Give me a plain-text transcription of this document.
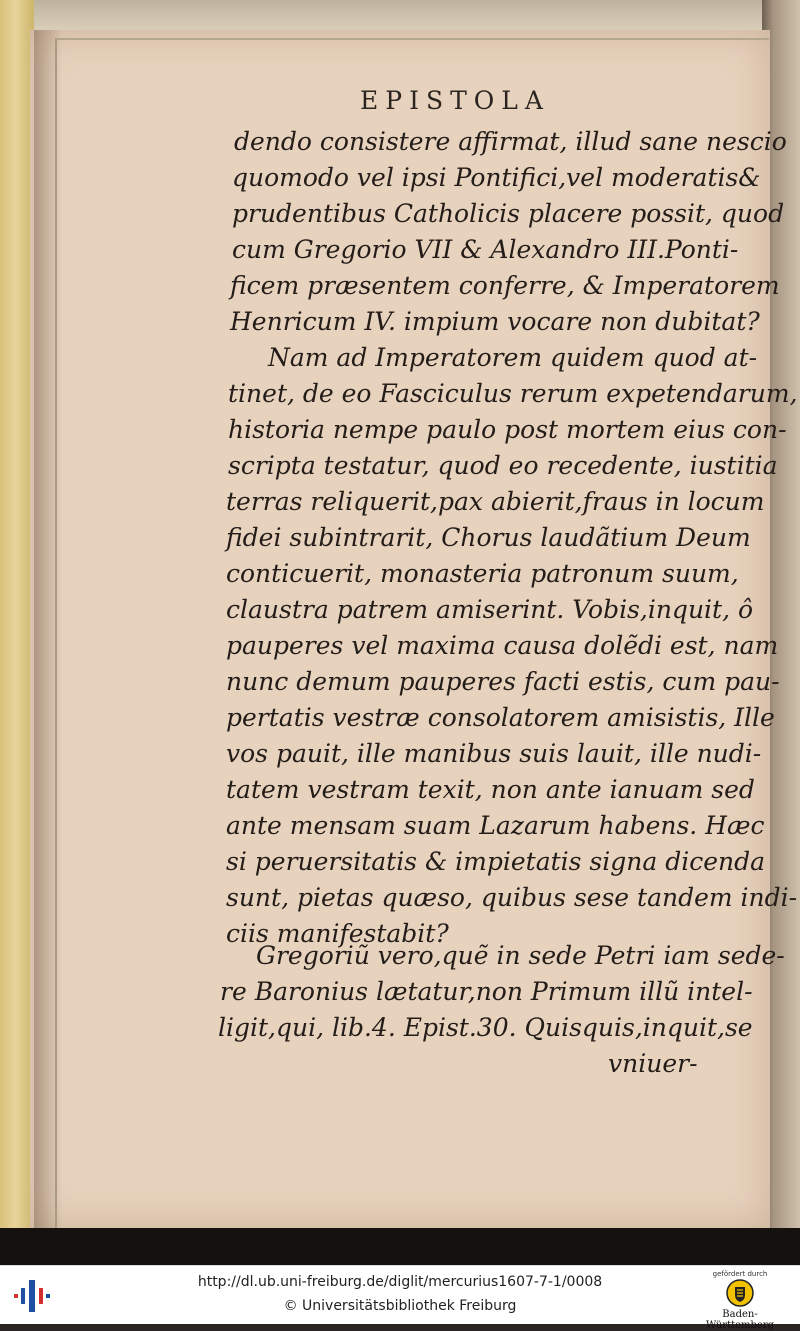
EPISTOLA
dendo consistere affirmat, illud sane nescio
quomodo vel ipsi Pontifici,vel moderatis&
prudentibus Catholicis placere possit, quod
cum Gregorio VII & Alexandro III.Ponti-
ficem præsentem conferre, & Imperatorem
Henricum IV. impium vocare non dubitat?
Nam ad Imperatorem quidem quod at-
tinet, de eo Fasciculus rerum expetendarum,
historia nempe paulo post mortem eius con-
scripta testatur, quod eo recedente, iustitia
terras reliquerit,pax abierit,fraus in locum
fidei subintrarit, Chorus laudãtium Deum
conticuerit, monasteria patronum suum,
claustra patrem amiserint. Vobis,inquit, ô
pauperes vel maxima causa dolẽdi est, nam
nunc demum pauperes facti estis, cum pau-
pertatis vestræ consolatorem amisistis, Ille
vos pauit, ille manibus suis lauit, ille nudi-
tatem vestram texit, non ante ianuam sed
ante mensam suam Lazarum habens. Hæc
si peruersitatis & impietatis signa dicenda
sunt, pietas quæso, quibus sese tandem indi-
ciis manifestabit?
Gregoriũ vero,quẽ in sede Petri iam sede-
re Baronius lætatur,non Primum illũ intel-
ligit,qui, lib.4. Epist.30. Quisquis,inquit,se
vniuer-
http://dl.ub.uni-freiburg.de/diglit/mercurius1607-7-1/0008
© Universitätsbibliothek Freiburg
gefördert durch
Baden-Württemberg
